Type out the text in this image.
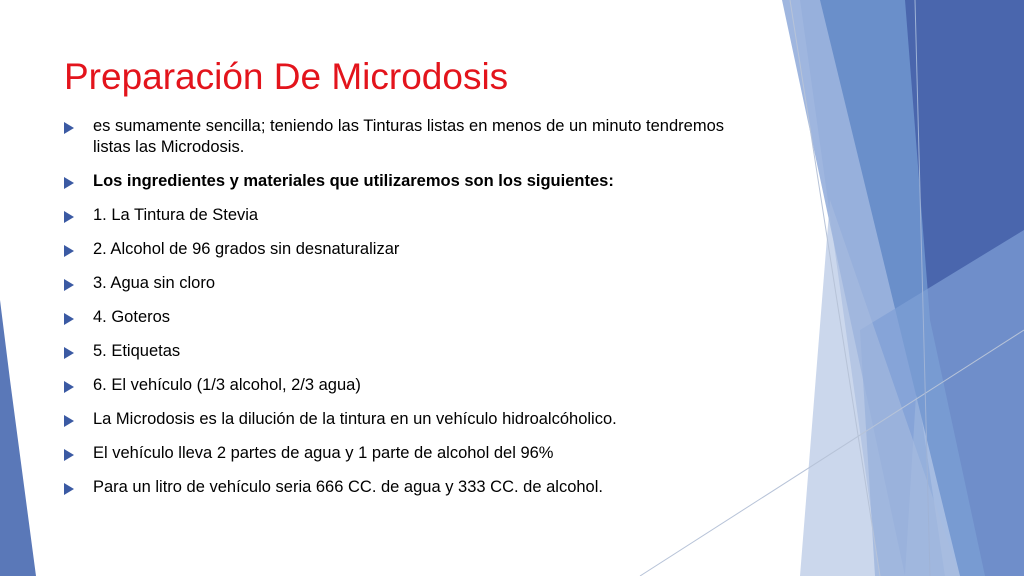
Preparación De Microdosis
es sumamente sencilla; teniendo las Tinturas listas en menos de un minuto tendremos listas las Microdosis.
Los ingredientes y materiales que utilizaremos son los siguientes:
1. La Tintura de Stevia
2. Alcohol de 96 grados sin desnaturalizar
3. Agua sin cloro
4. Goteros
5. Etiquetas
6. El vehículo (1/3 alcohol, 2/3 agua)
La Microdosis es la dilución de la tintura en un vehículo hidroalcóholico.
El vehículo lleva 2 partes de agua y 1 parte de alcohol del 96%
Para un litro de vehículo seria 666 CC. de agua y 333 CC. de alcohol.
